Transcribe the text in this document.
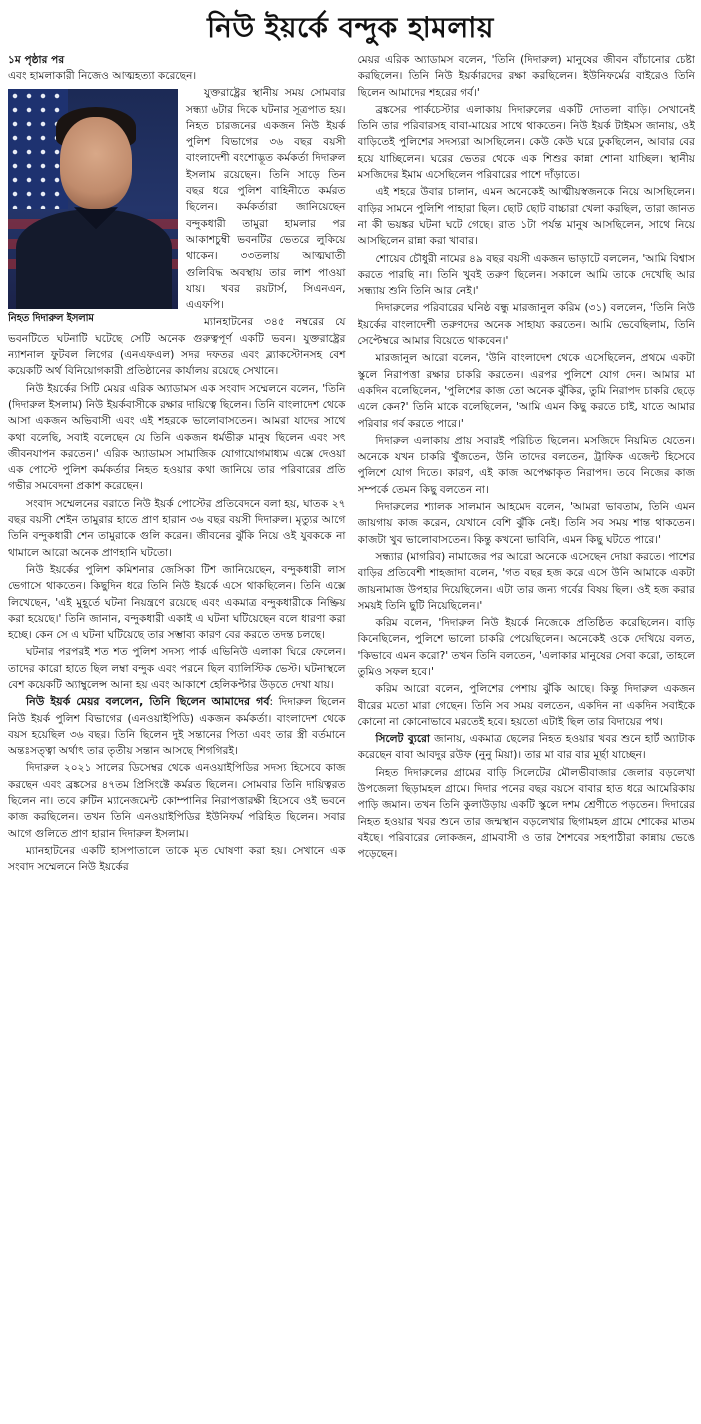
নিউ ইয়র্কে বন্দুক হামলায়
১ম পৃষ্ঠার পর

এবং হামলাকারী নিজেও আত্মহত্যা করেছেন।

নিহত দিদারুল ইসলাম

যুক্তরাষ্ট্রের স্থানীয় সময় সোমবার সন্ধ্যা ৬টার দিকে ঘটনার সূত্রপাত হয়। নিহত চারজনের একজন নিউ ইয়র্ক পুলিশ বিভাগের ৩৬ বছর বয়সী বাংলাদেশী বংশোদ্ভূত কর্মকর্তা দিদারুল ইসলাম রয়েছেন। তিনি সাড়ে তিন বছর ধরে পুলিশ বাহিনীতে কর্মরত ছিলেন। কর্মকর্তারা জানিয়েছেন বন্দুকধারী তামুরা হামলার পর আকাশচুম্বী ভবনটির ভেতরে লুকিয়ে থাকেন। ৩৩তলায় আত্মঘাতী গুলিবিদ্ধ অবস্থায় তার লাশ পাওয়া যায়। খবর রয়টার্স, সিএনএন, এএফপি।

ম্যানহাটনের ৩৪৫ নম্বরের যে ভবনটিতে ঘটনাটি ঘটেছে সেটি অনেক গুরুত্বপূর্ণ একটি ভবন। যুক্তরাষ্ট্রের ন্যাশনাল ফুটবল লিগের (এনএফএল) সদর দফতর এবং ব্ল্যাকস্টোনসহ বেশ কয়েকটি অর্থ বিনিয়োগকারী প্রতিষ্ঠানের কার্যালয় রয়েছে সেখানে।

নিউ ইয়র্কের সিটি মেয়র এরিক অ্যাডামস এক সংবাদ সম্মেলনে বলেন, 'তিনি (দিদারুল ইসলাম) নিউ ইয়র্কবাসীকে রক্ষার দায়িত্বে ছিলেন। তিনি বাংলাদেশ থেকে আসা একজন অভিবাসী এবং এই শহরকে ভালোবাসতেন। আমরা যাদের সাথে কথা বলেছি, সবাই বলেছেন যে তিনি একজন ধর্মভীরু মানুষ ছিলেন এবং সৎ জীবনযাপন করতেন।' এরিক অ্যাডামস সামাজিক যোগাযোগমাধ্যম এক্সে দেওয়া এক পোস্টে পুলিশ কর্মকর্তার নিহত হওয়ার কথা জানিয়ে তার পরিবারের প্রতি গভীর সমবেদনা প্রকাশ করেছেন।

সংবাদ সম্মেলনের বরাতে নিউ ইয়র্ক পোস্টের প্রতিবেদনে বলা হয়, ঘাতক ২৭ বছর বয়সী শেইন তামুরার হাতে প্রাণ হারান ৩৬ বছর বয়সী দিদারুল। মৃত্যুর আগে তিনি বন্দুকধারী শেন তামুরাকে গুলি করেন। জীবনের ঝুঁকি নিয়ে ওই যুবককে না থামালে আরো অনেক প্রাণহানি ঘটতো।

নিউ ইয়র্কের পুলিশ কমিশনার জেসিকা টিশ জানিয়েছেন, বন্দুকধারী লাস ভেগাসে থাকতেন। কিছুদিন ধরে তিনি নিউ ইয়র্কে এসে থাকছিলেন। তিনি এক্সে লিখেছেন, 'এই মুহূর্তে ঘটনা নিয়ন্ত্রণে রয়েছে এবং একমাত্র বন্দুকধারীকে নিষ্ক্রিয় করা হয়েছে।' তিনি জানান, বন্দুকধারী একাই এ ঘটনা ঘটিয়েছেন বলে ধারণা করা হচ্ছে। কেন সে এ ঘটনা ঘটিয়েছে তার সম্ভাব্য কারণ বের করতে তদন্ত চলছে।

ঘটনার পরপরই শত শত পুলিশ সদস্য পার্ক এভিনিউ এলাকা ঘিরে ফেলেন। তাদের কারো হাতে ছিল লম্বা বন্দুক এবং পরনে ছিল ব্যালিস্টিক ভেস্ট। ঘটনাস্থলে বেশ কয়েকটি অ্যাম্বুলেন্স আনা হয় এবং আকাশে হেলিকপ্টার উড়তে দেখা যায়।

নিউ ইয়র্ক মেয়র বললেন, তিনি ছিলেন আমাদের গর্ব: দিদারুল ছিলেন নিউ ইয়র্ক পুলিশ বিভাগের (এনওয়াইপিডি) একজন কর্মকর্তা। বাংলাদেশ থেকে বয়স হয়েছিল ৩৬ বছর। তিনি ছিলেন দুই সন্তানের পিতা এবং তার স্ত্রী বর্তমানে অন্তঃসত্ত্বা অর্থাৎ তার তৃতীয় সন্তান আসছে শিগগিরই।

দিদারুল ২০২১ সালের ডিসেম্বর থেকে এনওয়াইপিডির সদস্য হিসেবে কাজ করছেন এবং ব্রঙ্কসের ৪৭তম প্রিসিংক্টে কর্মরত ছিলেন। সোমবার তিনি দায়িত্বরত ছিলেন না। তবে রুটিন ম্যানেজমেন্ট কোম্পানির নিরাপত্তারক্ষী হিসেবে ওই ভবনে কাজ করছিলেন। তখন তিনি এনওয়াইপিডির ইউনিফর্ম পরিহিত ছিলেন। সবার আগে গুলিতে প্রাণ হারান দিদারুল ইসলাম।

ম্যানহাটনের একটি হাসপাতালে তাকে মৃত ঘোষণা করা হয়। সেখানে এক সংবাদ সম্মেলনে নিউ ইয়র্কের

মেয়র এরিক অ্যাডামস বলেন, 'তিনি (দিদারুল) মানুষের জীবন বাঁচানোর চেষ্টা করছিলেন। তিনি নিউ ইয়র্কারদের রক্ষা করছিলেন। ইউনিফর্মের বাইরেও তিনি ছিলেন আমাদের শহরের গর্ব।'

ব্রঙ্কসের পার্কচেস্টার এলাকায় দিদারুলের একটি দোতলা বাড়ি। সেখানেই তিনি তার পরিবারসহ বাবা-মায়ের সাথে থাকতেন। নিউ ইয়র্ক টাইমস জানায়, ওই বাড়িতেই পুলিশের সদস্যরা আসছিলেন। কেউ কেউ ঘরে ঢুকছিলেন, আবার বের হয়ে যাচ্ছিলেন। ঘরের ভেতর থেকে এক শিশুর কান্না শোনা যাচ্ছিল। স্থানীয় মসজিদের ইমাম এসেছিলেন পরিবারের পাশে দাঁড়াতে।

এই শহরে উবার চালান, এমন অনেকেই আত্মীয়স্বজনকে নিয়ে আসছিলেন। বাড়ির সামনে পুলিশি পাহারা ছিল। ছোট ছোট বাচ্চারা খেলা করছিল, তারা জানত না কী ভয়ঙ্কর ঘটনা ঘটে গেছে। রাত ১টা পর্যন্ত মানুষ আসছিলেন, সাথে নিয়ে আসছিলেন রান্না করা খাবার।

শোয়েব চৌধুরী নামের ৪৯ বছর বয়সী একজন ভাড়াটে বললেন, 'আমি বিশ্বাস করতে পারছি না। তিনি খুবই তরুণ ছিলেন। সকালে আমি তাকে দেখেছি আর সন্ধ্যায় শুনি তিনি আর নেই।'

দিদারুলের পরিবারের ঘনিষ্ঠ বন্ধু মারজানুল করিম (৩১) বললেন, 'তিনি নিউ ইয়র্কের বাংলাদেশী তরুণদের অনেক সাহায্য করতেন। আমি ভেবেছিলাম, তিনি সেপ্টেম্বরে আমার বিয়েতে থাকবেন।'

মারজানুল আরো বলেন, 'উনি বাংলাদেশ থেকে এসেছিলেন, প্রথমে একটা স্কুলে নিরাপত্তা রক্ষার চাকরি করতেন। এরপর পুলিশে যোগ দেন। আমার মা একদিন বলেছিলেন, 'পুলিশের কাজ তো অনেক ঝুঁকির, তুমি নিরাপদ চাকরি ছেড়ে এলে কেন?' তিনি মাকে বলেছিলেন, 'আমি এমন কিছু করতে চাই, যাতে আমার পরিবার গর্ব করতে পারে।'

দিদারুল এলাকায় প্রায় সবারই পরিচিত ছিলেন। মসজিদে নিয়মিত যেতেন। অনেকে যখন চাকরি খুঁজতেন, উনি তাদের বলতেন, ট্রাফিক এজেন্ট হিসেবে পুলিশে যোগ দিতে। কারণ, এই কাজ অপেক্ষাকৃত নিরাপদ। তবে নিজের কাজ সম্পর্কে তেমন কিছু বলতেন না।

দিদারুলের শ্যালক সালমান আহমেদ বলেন, 'আমরা ভাবতাম, তিনি এমন জায়গায় কাজ করেন, যেখানে বেশি ঝুঁকি নেই। তিনি সব সময় শান্ত থাকতেন। কাজটা খুব ভালোবাসতেন। কিন্তু কখনো ভাবিনি, এমন কিছু ঘটতে পারে।'

সন্ধ্যার (মাগরিব) নামাজের পর আরো অনেকে এসেছেন দোয়া করতে। পাশের বাড়ির প্রতিবেশী শাহজাদা বলেন, 'গত বছর হজ করে এসে উনি আমাকে একটা জায়নামাজ উপহার দিয়েছিলেন। এটা তার জন্য গর্বের বিষয় ছিল। ওই হজ করার সময়ই তিনি ছুটি নিয়েছিলেন।'

করিম বলেন, 'দিদারুল নিউ ইয়র্কে নিজেকে প্রতিষ্ঠিত করেছিলেন। বাড়ি কিনেছিলেন, পুলিশে ভালো চাকরি পেয়েছিলেন। অনেকেই ওকে দেখিয়ে বলত, 'কিভাবে এমন করো?' তখন তিনি বলতেন, 'এলাকার মানুষের সেবা করো, তাহলে তুমিও সফল হবে।'

করিম আরো বলেন, পুলিশের পেশায় ঝুঁকি আছে। কিন্তু দিদারুল একজন বীরের মতো মারা গেছেন। তিনি সব সময় বলতেন, একদিন না একদিন সবাইকে কোনো না কোনোভাবে মরতেই হবে। হয়তো এটাই ছিল তার বিদায়ের পথ।

সিলেট ব্যুরো জানায়, একমাত্র ছেলের নিহত হওয়ার খবর শুনে হার্ট অ্যাটাক করেছেন বাবা আবদুর রউফ (নুনু মিয়া)। তার মা বার বার মূর্ছা যাচ্ছেন।

নিহত দিদারুলের গ্রামের বাড়ি সিলেটের মৌলভীবাজার জেলার বড়লেখা উপজেলা ছিড়ামহল গ্রামে। দিদার পনের বছর বয়সে বাবার হাত ধরে আমেরিকায় পাড়ি জমান। তখন তিনি কুলাউড়ায় একটি স্কুলে দশম শ্রেণীতে পড়তেন। দিদারের নিহত হওয়ার খবর শুনে তার জন্মস্থান বড়লেখার ছিগামহল গ্রামে শোকের মাতম বইছে। পরিবারের লোকজন, গ্রামবাসী ও তার শৈশবের সহপাঠীরা কান্নায় ভেঙে পড়েছেন।
